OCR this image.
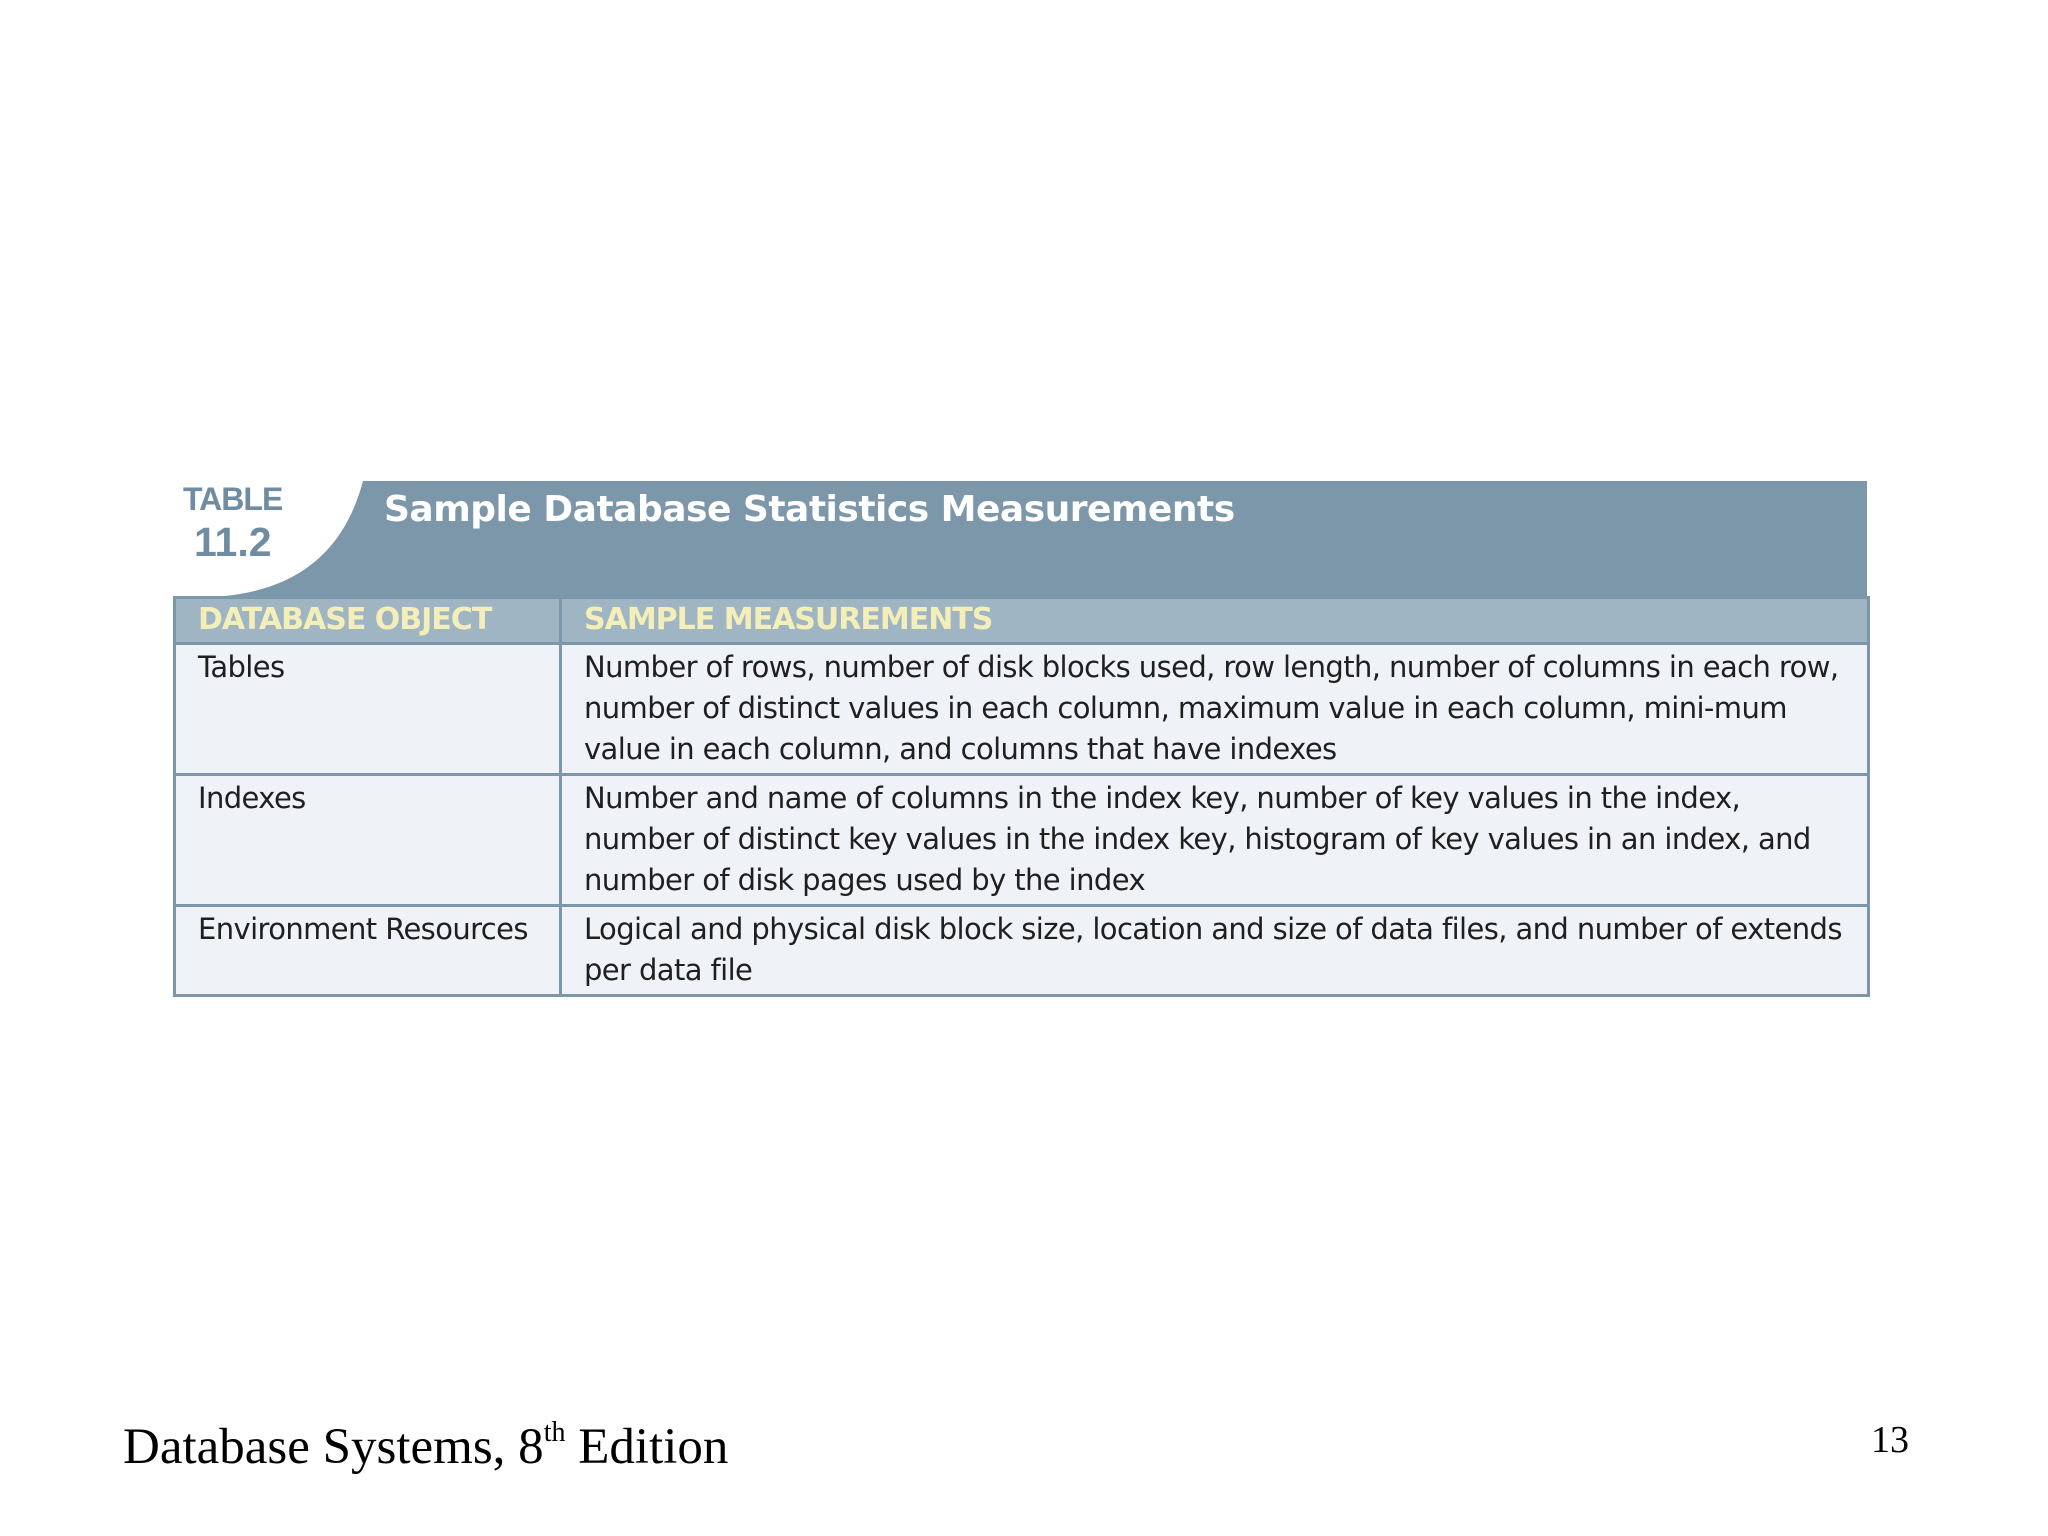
TABLE
11.2
Sample Database Statistics Measurements
DATABASE OBJECT	SAMPLE MEASUREMENTS
Tables	Number of rows, number of disk blocks used, row length, number of columns in each row, number of distinct values in each column, maximum value in each column, mini-mum value in each column, and columns that have indexes
Indexes	Number and name of columns in the index key, number of key values in the index, number of distinct key values in the index key, histogram of key values in an index, and number of disk pages used by the index
Environment Resources	Logical and physical disk block size, location and size of data files, and number of extends per data file
Database Systems, 8th Edition	13
